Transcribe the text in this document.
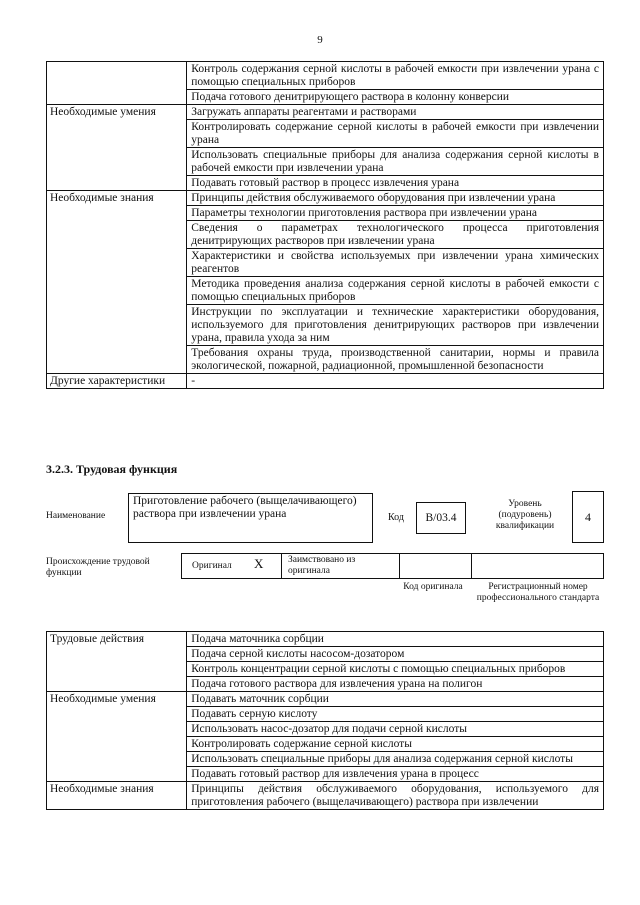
9
	Контроль содержания серной кислоты в рабочей емкости при извлечении урана с помощью специальных приборов
	Подача готового денитрирующего раствора в колонну конверсии
Необходимые умения	Загружать аппараты реагентами и растворами
	Контролировать содержание серной кислоты в рабочей емкости при извлечении урана
	Использовать специальные приборы для анализа содержания серной кислоты в рабочей емкости при извлечении урана
	Подавать готовый раствор в процесс извлечения урана
Необходимые знания	Принципы действия обслуживаемого оборудования при извлечении урана
	Параметры технологии приготовления раствора при извлечении урана
	Сведения о параметрах технологического процесса приготовления денитрирующих растворов при извлечении урана
	Характеристики и свойства используемых при извлечении урана химических реагентов
	Методика проведения анализа содержания серной кислоты в рабочей емкости с помощью специальных приборов
	Инструкции по эксплуатации и технические характеристики оборудования, используемого для приготовления денитрирующих растворов при извлечении урана, правила ухода за ним
	Требования охраны труда, производственной санитарии, нормы и правила экологической, пожарной, радиационной, промышленной безопасности
Другие характеристики	-
3.2.3. Трудовая функция
Наименование
Приготовление рабочего (выщелачивающего) раствора при извлечении урана	Код	В/03.4
Уровень (подуровень) квалификации
4
Происхождение трудовой функции
Оригинал X	Заимствовано из оригинала
Код оригинала	Регистрационный номер профессионального стандарта
Трудовые действия	Подача маточника сорбции
	Подача серной кислоты насосом-дозатором
	Контроль концентрации серной кислоты с помощью специальных приборов
	Подача готового раствора для извлечения урана на полигон
Необходимые умения	Подавать маточник сорбции
	Подавать серную кислоту
	Использовать насос-дозатор для подачи серной кислоты
	Контролировать содержание серной кислоты
	Использовать специальные приборы для анализа содержания серной кислоты
	Подавать готовый раствор для извлечения урана в процесс
Необходимые знания	Принципы действия обслуживаемого оборудования, используемого для приготовления рабочего (выщелачивающего) раствора при извлечении
